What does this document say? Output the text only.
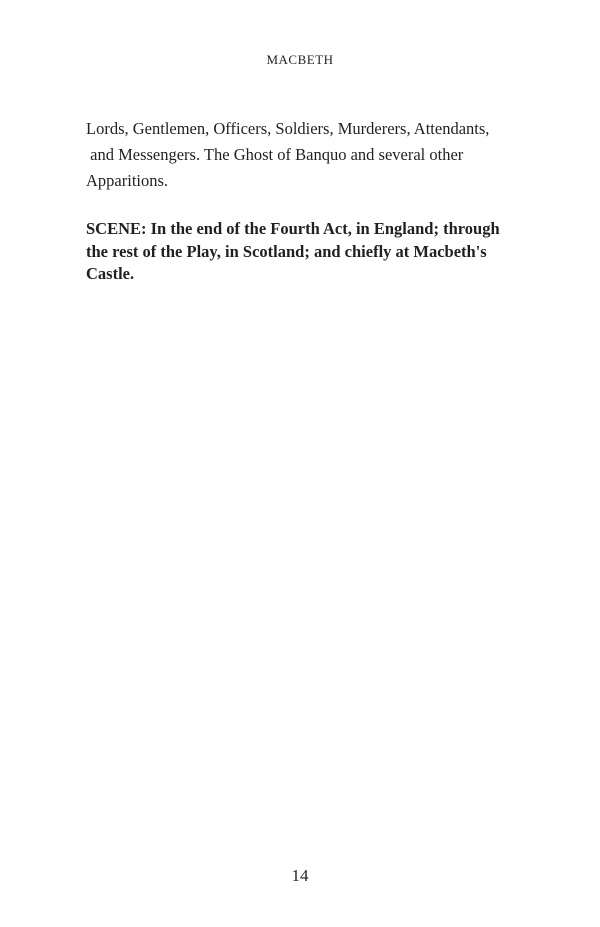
MACBETH
Lords, Gentlemen, Officers, Soldiers, Murderers, Attendants,
and Messengers. The Ghost of Banquo and several other
Apparitions.
SCENE: In the end of the Fourth Act, in England; through
the rest of the Play, in Scotland; and chiefly at Macbeth's
Castle.
14
